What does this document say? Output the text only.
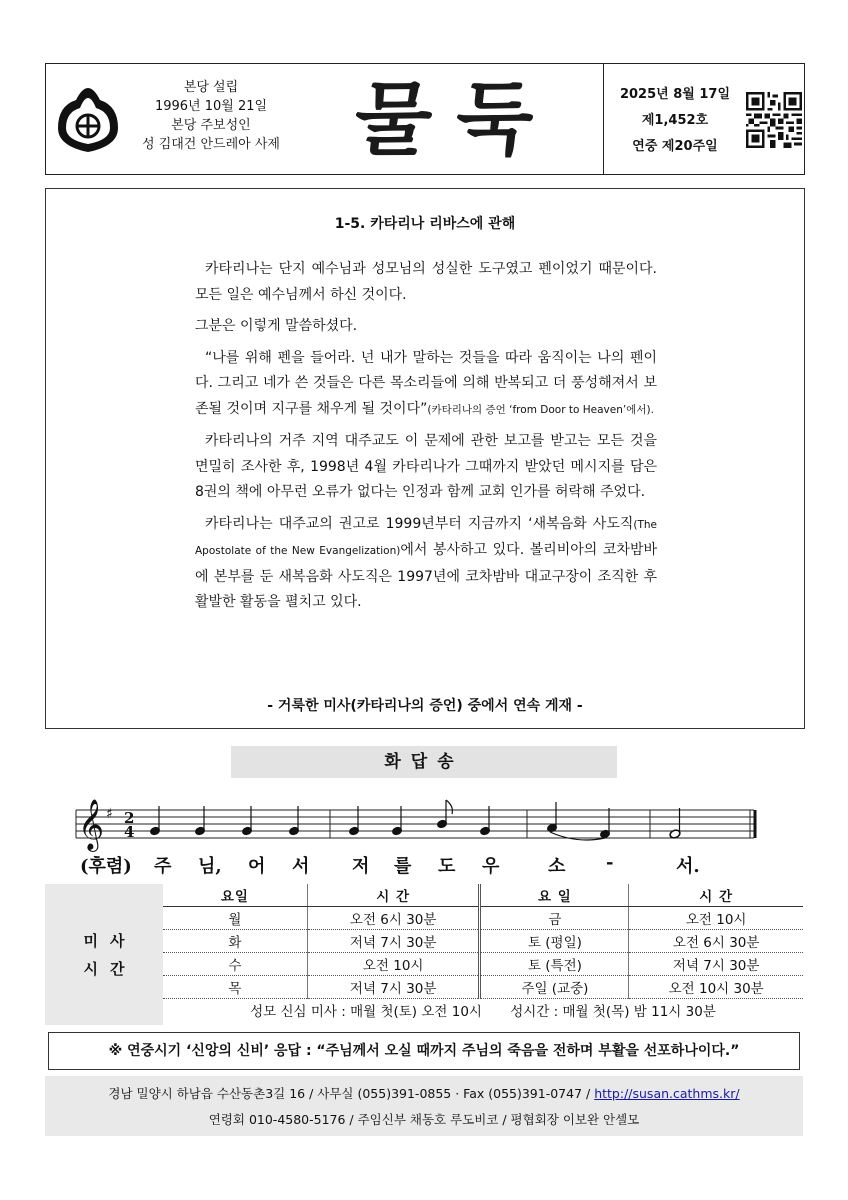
본당 설립
1996년 10월 21일
본당 주보성인
성 김대건 안드레아 사제 물둑	2025년 8월 17일
제1,452호
연중 제20주일
1-5. 카타리나 리바스에 관해

카타리나는 단지 예수님과 성모님의 성실한 도구였고 펜이었기 때문이다. 모든 일은 예수님께서 하신 것이다.

그분은 이렇게 말씀하셨다.

“나를 위해 펜을 들어라. 넌 내가 말하는 것들을 따라 움직이는 나의 펜이다. 그리고 네가 쓴 것들은 다른 목소리들에 의해 반복되고 더 풍성해져서 보존될 것이며 지구를 채우게 될 것이다”(카타리나의 증언 ‘from Door to Heaven’에서).

카타리나의 거주 지역 대주교도 이 문제에 관한 보고를 받고는 모든 것을 면밀히 조사한 후, 1998년 4월 카타리나가 그때까지 받았던 메시지를 담은 8권의 책에 아무런 오류가 없다는 인정과 함께 교회 인가를 허락해 주었다.

카타리나는 대주교의 권고로 1999년부터 지금까지 ‘새복음화 사도직(The Apostolate of the New Evangelization)에서 봉사하고 있다. 볼리비아의 코차밤바에 본부를 둔 새복음화 사도직은 1997년에 코차밤바 대교구장이 조직한 후 활발한 활동을 펼치고 있다.

- 거룩한 미사(카타리나의 증언) 중에서 연속 게재 -
화답송
𝄞 ♯ 2
4
(후렴) 주 님, 어 서 저 를 도 우	소 -	서.
미사
시간
요일	시 간	요 일	시 간
월	오전 6시 30분	금	오전 10시
화	저녁 7시 30분	토 (평일)	오전 6시 30분
수	오전 10시	토 (특전)	저녁 7시 30분
목	저녁 7시 30분	주일 (교중)	오전 10시 30분
성모 신심 미사 : 매월 첫(토) 오전 10시 성시간 : 매월 첫(목) 밤 11시 30분
※ 연중시기 ‘신앙의 신비’ 응답 : “주님께서 오실 때까지 주님의 죽음을 전하며 부활을 선포하나이다.”
경남 밀양시 하남읍 수산동촌3길 16 / 사무실 (055)391-0855 · Fax (055)391-0747 / http://susan.cathms.kr/
연령회 010-4580-5176 / 주임신부 채동호 루도비코 / 평협회장 이보완 안셀모
